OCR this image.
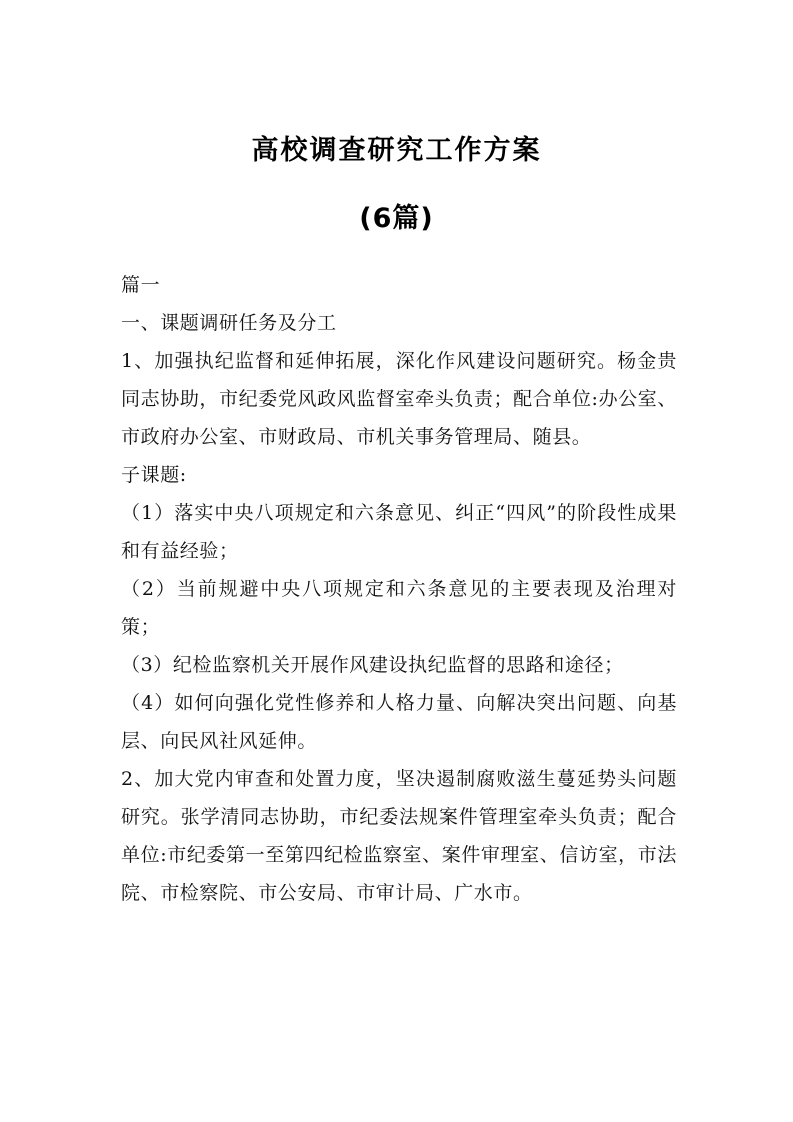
高校调查研究工作方案
(6篇)

篇一

一、课题调研任务及分工

1、加强执纪监督和延伸拓展，深化作风建设问题研究。杨金贵同志协助，市纪委党风政风监督室牵头负责；配合单位:办公室、市政府办公室、市财政局、市机关事务管理局、随县。

子课题:

（1）落实中央八项规定和六条意见、纠正“四风”的阶段性成果和有益经验；

（2）当前规避中央八项规定和六条意见的主要表现及治理对策；

（3）纪检监察机关开展作风建设执纪监督的思路和途径；

（4）如何向强化党性修养和人格力量、向解决突出问题、向基层、向民风社风延伸。

2、加大党内审查和处置力度，坚决遏制腐败滋生蔓延势头问题研究。张学清同志协助，市纪委法规案件管理室牵头负责；配合单位:市纪委第一至第四纪检监察室、案件审理室、信访室，市法院、市检察院、市公安局、市审计局、广水市。
